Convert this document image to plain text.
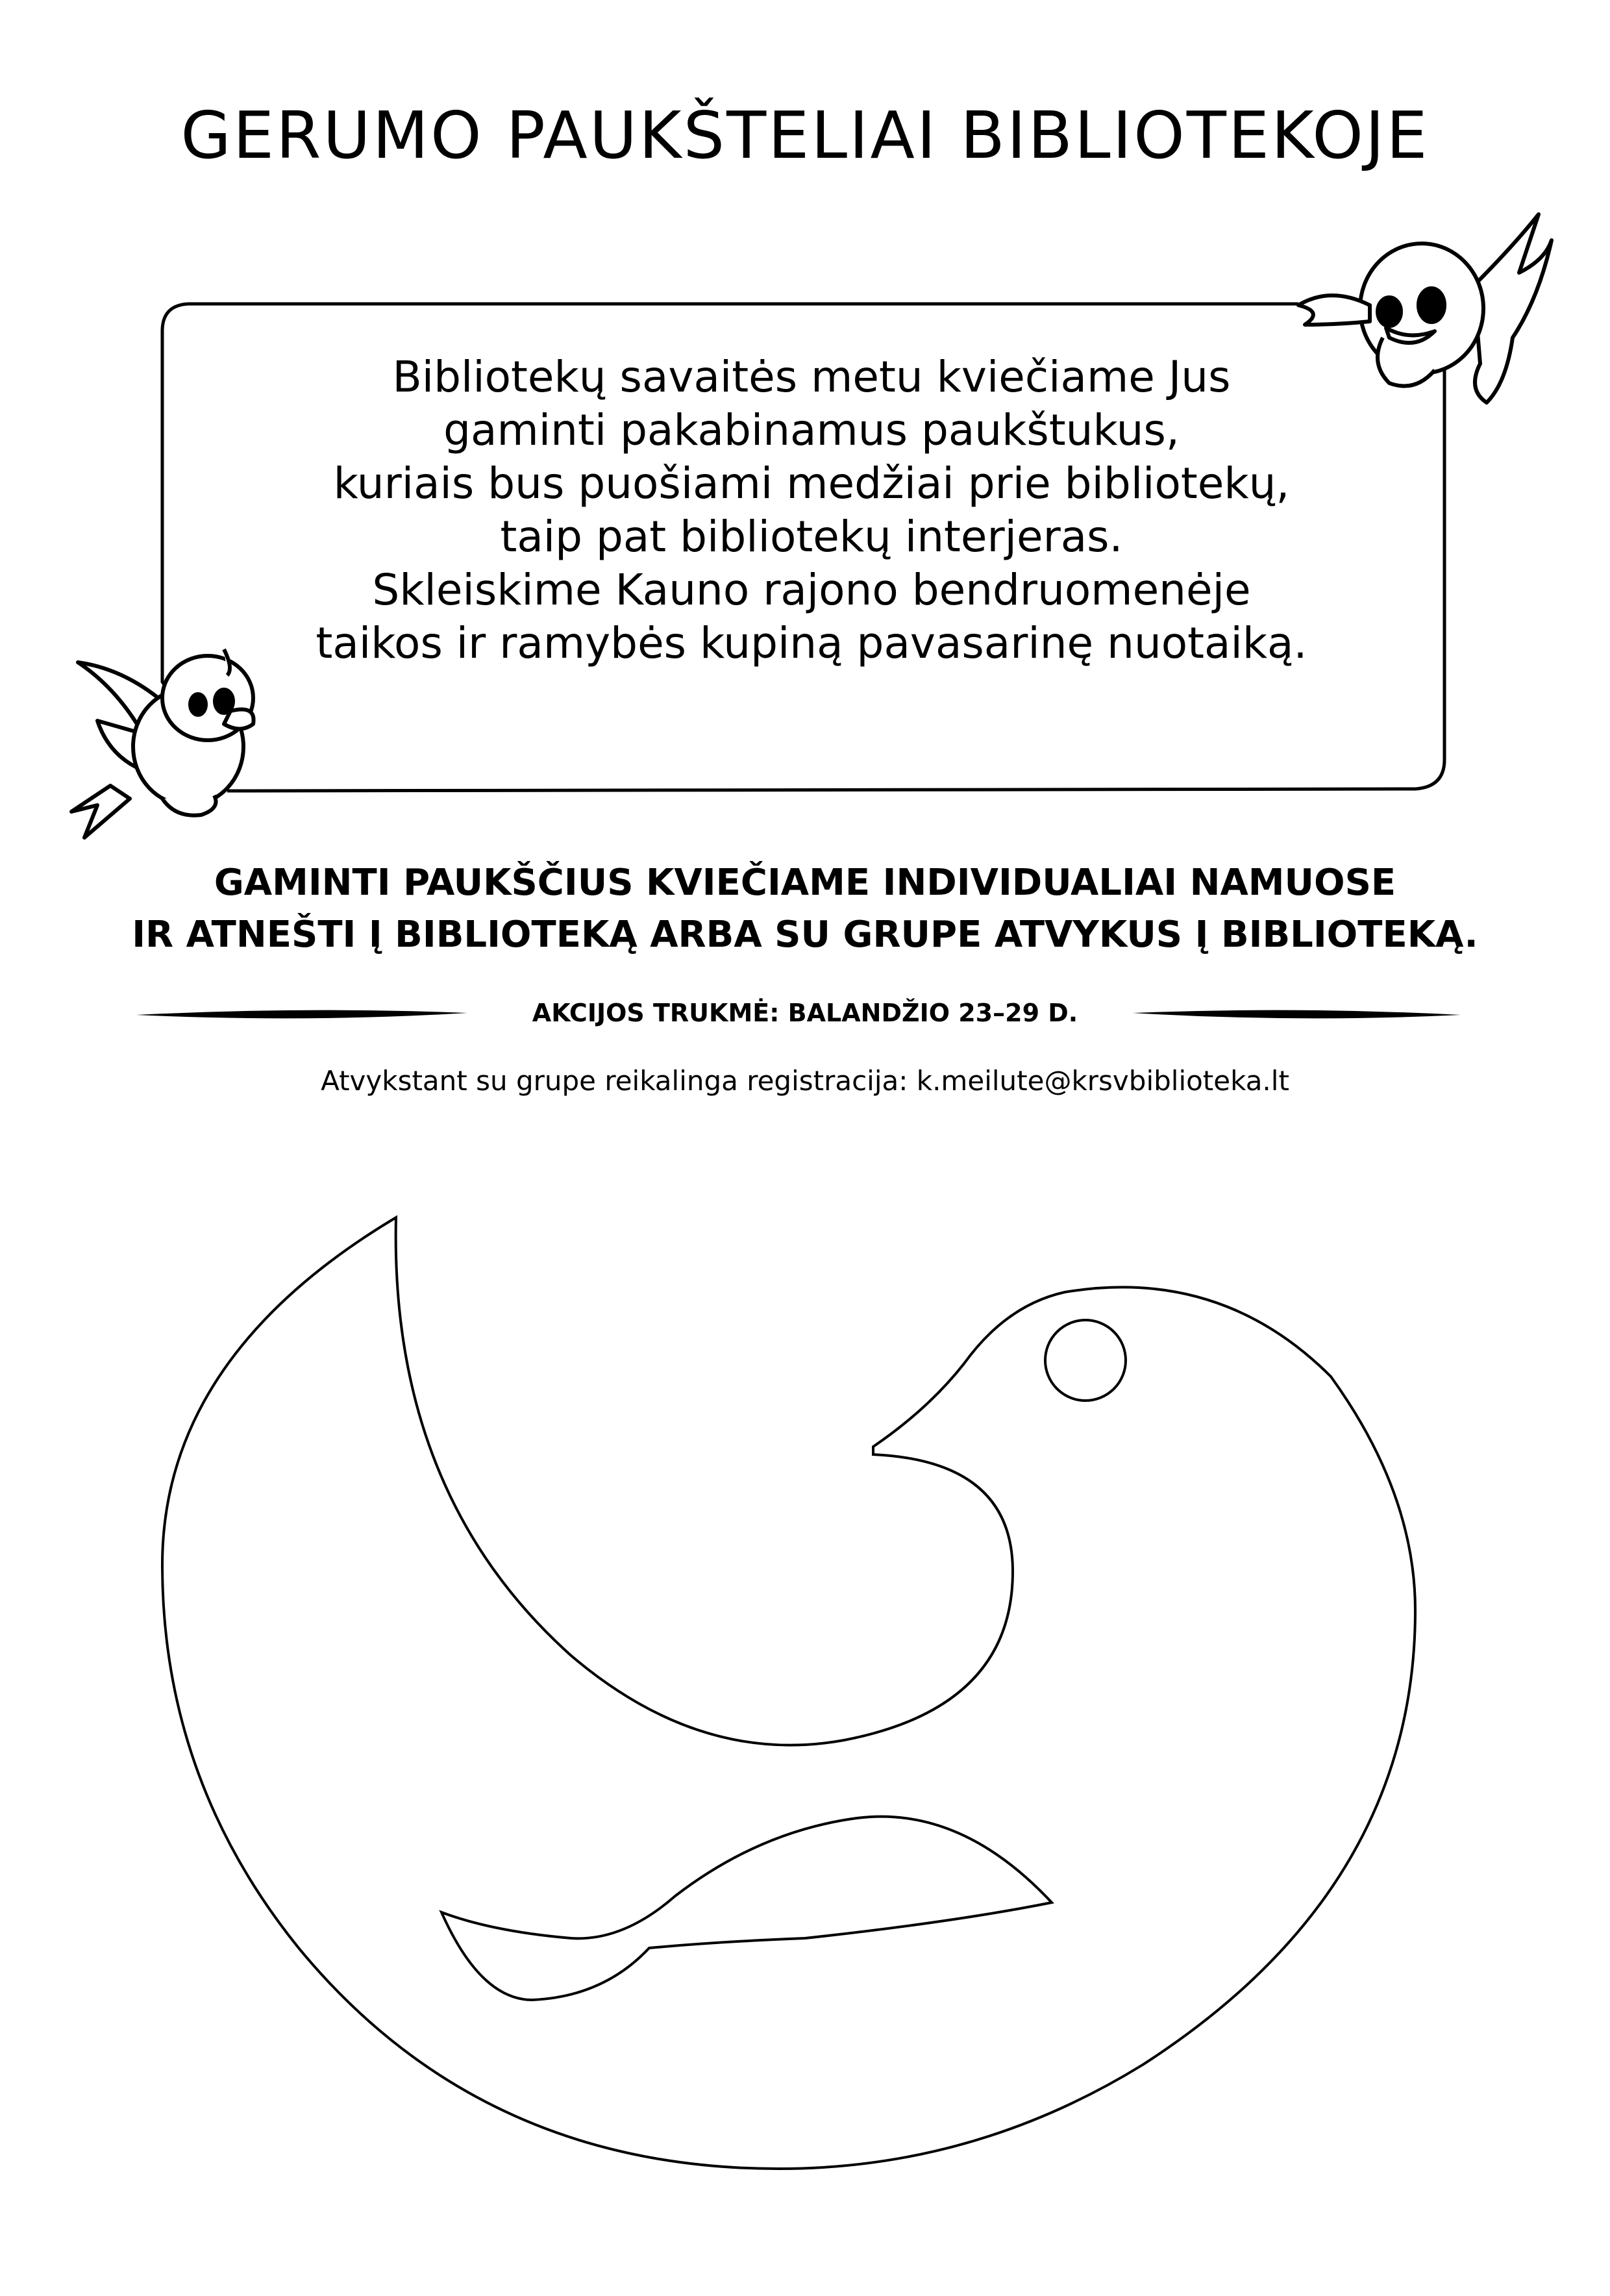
GERUMO PAUKŠTELIAI BIBLIOTEKOJE
Bibliotekų savaitės metu kviečiame Jus
gaminti pakabinamus paukštukus,
kuriais bus puošiami medžiai prie bibliotekų,
taip pat bibliotekų interjeras.
Skleiskime Kauno rajono bendruomenėje
taikos ir ramybės kupiną pavasarinę nuotaiką.
GAMINTI PAUKŠČIUS KVIEČIAME INDIVIDUALIAI NAMUOSE
IR ATNEŠTI Į BIBLIOTEKĄ ARBA SU GRUPE ATVYKUS Į BIBLIOTEKĄ.
AKCIJOS TRUKMĖ: BALANDŽIO 23–29 D.
Atvykstant su grupe reikalinga registracija: k.meilute@krsvbiblioteka.lt
